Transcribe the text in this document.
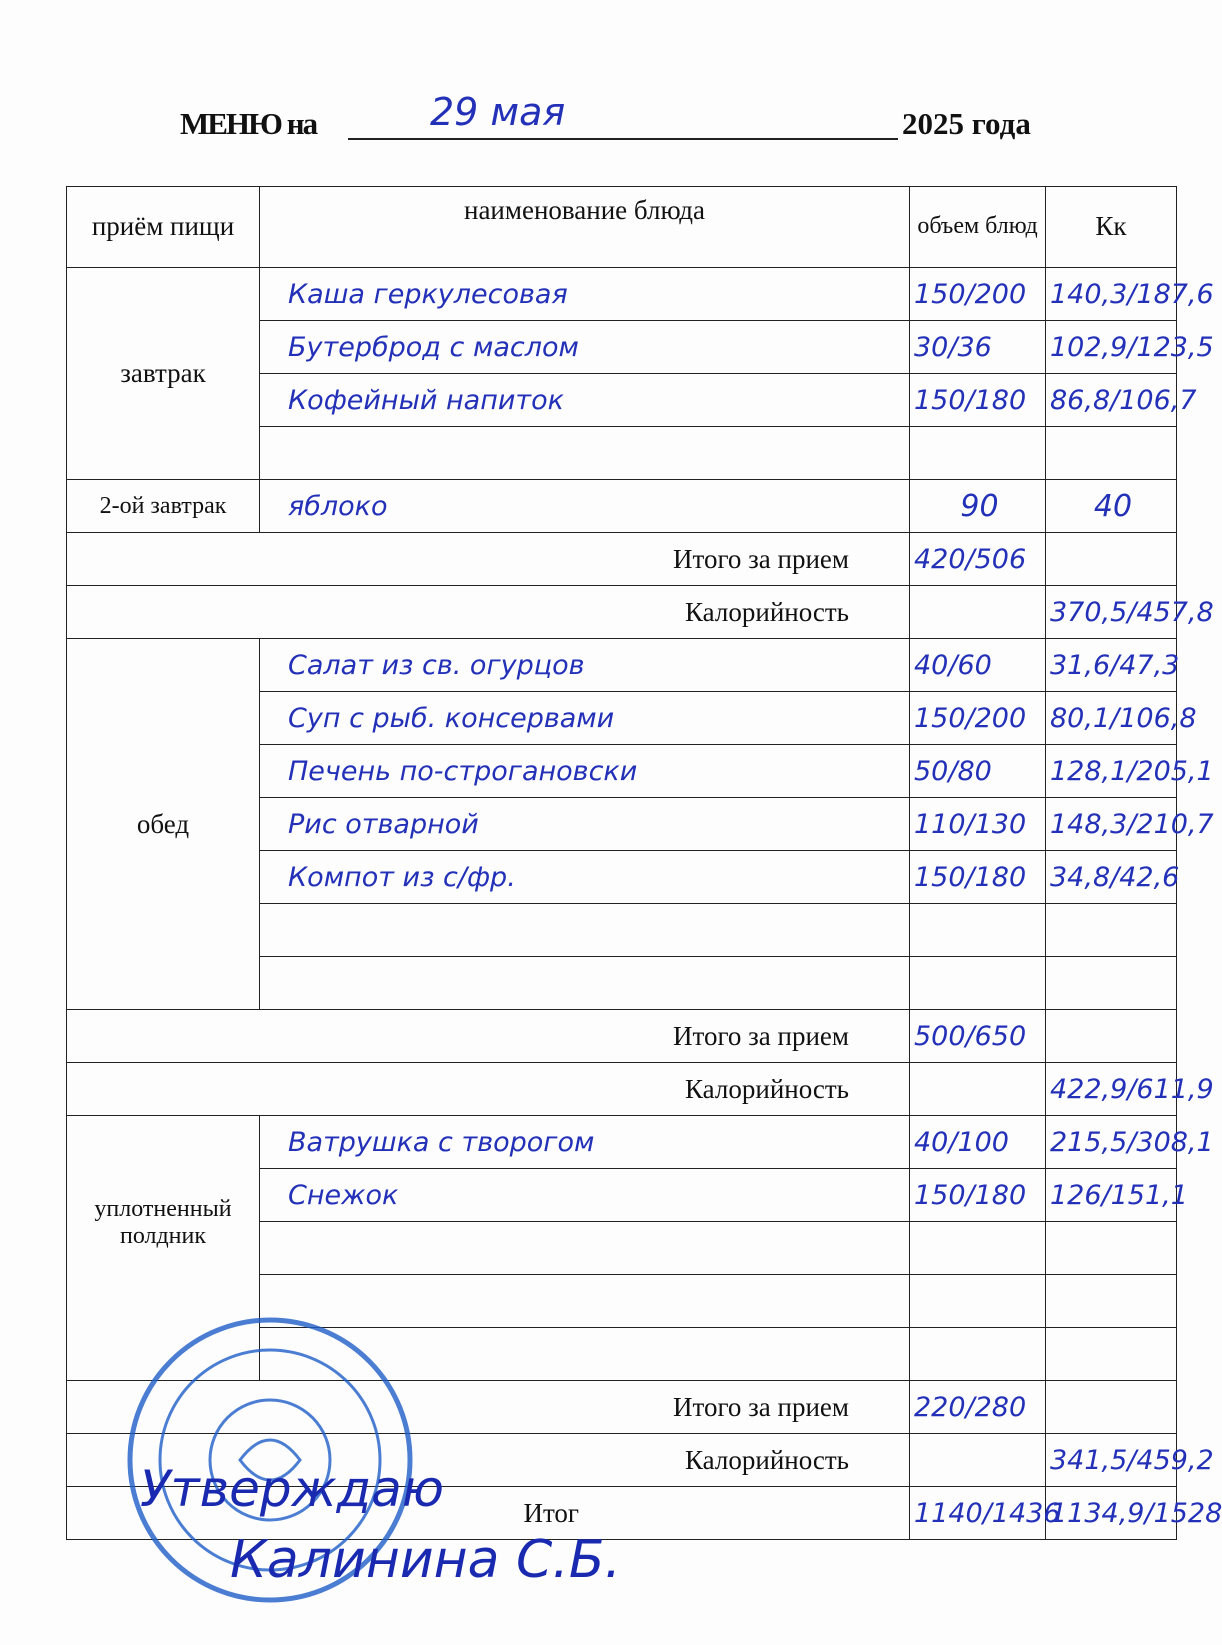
МЕНЮ на	29 мая	2025 года
приём пищи	наименование блюда	объем блюд	Кк
завтрак	Каша геркулесовая	150/200	140,3/187,6
	Бутерброд с маслом	30/36	102,9/123,5
	Кофейный напиток	150/180	86,8/106,7

2-ой завтрак	яблоко	90	40
Итого за прием		420/506	
Калорийность			370,5/457,8
обед	Салат из св. огурцов	40/60	31,6/47,3
	Суп с рыб. консервами	150/200	80,1/106,8
	Печень по-строгановски	50/80	128,1/205,1
	Рис отварной	110/130	148,3/210,7
	Компот из с/фр.	150/180	34,8/42,6

Итого за прием		500/650	
Калорийность			422,9/611,9
уплотненный полдник	Ватрушка с творогом	40/100	215,5/308,1
	Снежок	150/180	126/151,1

Итого за прием		220/280	
Калорийность			341,5/459,2
Итог		1140/1436	1134,9/1528
Утверждаю
Калинина С.Б.
